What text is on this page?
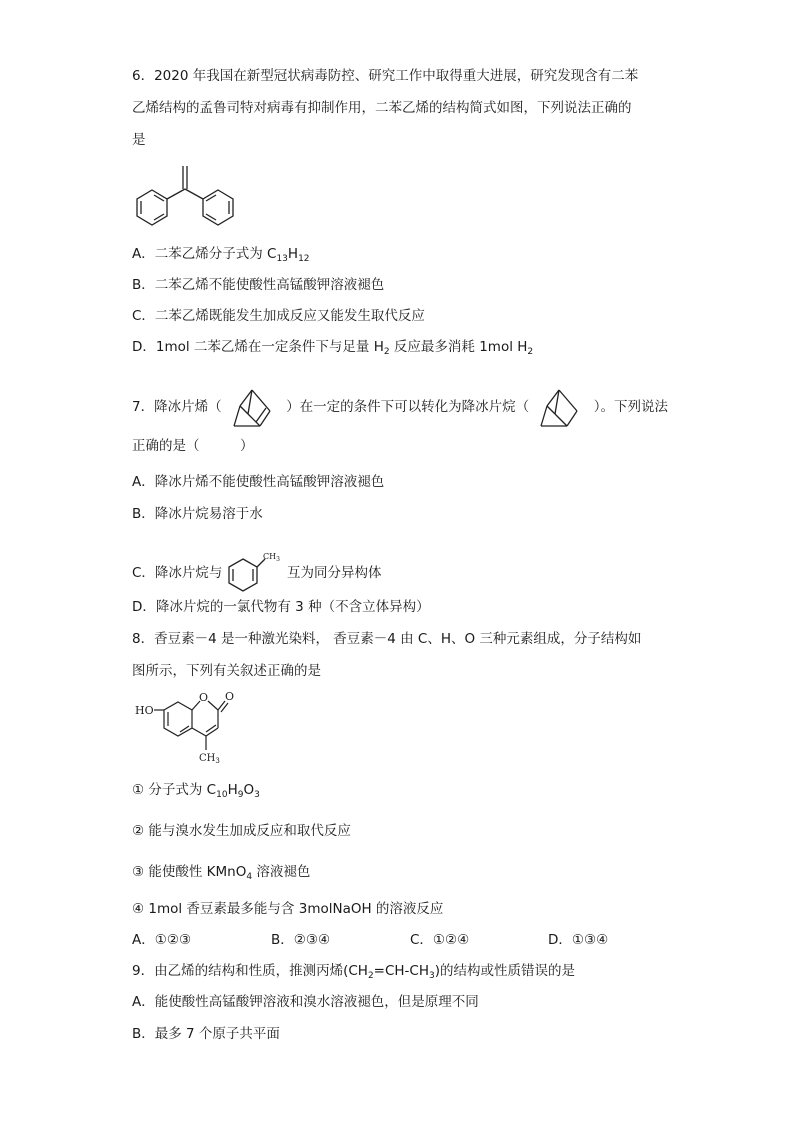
6．2020 年我国在新型冠状病毒防控、研究工作中取得重大进展，研究发现含有二苯
乙烯结构的孟鲁司特对病毒有抑制作用，二苯乙烯的结构简式如图，下列说法正确的
是
A．二苯乙烯分子式为 $C_{13}H_{12}$
B．二苯乙烯不能使酸性高锰酸钾溶液褪色
C．二苯乙烯既能发生加成反应又能发生取代反应
D．1mol 二苯乙烯在一定条件下与足量 $H_2$ 反应最多消耗 1mol $H_2$
7．降冰片烯（	）在一定的条件下可以转化为降冰片烷（	）。下列说法
正确的是（　　　）
A．降冰片烯不能使酸性高锰酸钾溶液褪色
B．降冰片烷易溶于水
C．降冰片烷与
$CH_3$
互为同分异构体
D．降冰片烷的一氯代物有 3 种（不含立体异构）
8．香豆素－4 是一种激光染料， 香豆素－4 由 C、H、O 三种元素组成，分子结构如
图所示，下列有关叙述正确的是
HO
O O
$CH_3$
① 分子式为 $C_{10}H_9O_3$
② 能与溴水发生加成反应和取代反应
③ 能使酸性 KMnO$_4$ 溶液褪色
④ 1mol 香豆素最多能与含 3molNaOH 的溶液反应
A．①②③	B．②③④	C．①②④	D．①③④
9．由乙烯的结构和性质，推测丙烯$(CH_2=CH-CH_3)$的结构或性质错误的是
A．能使酸性高锰酸钾溶液和溴水溶液褪色，但是原理不同
B．最多 7 个原子共平面
